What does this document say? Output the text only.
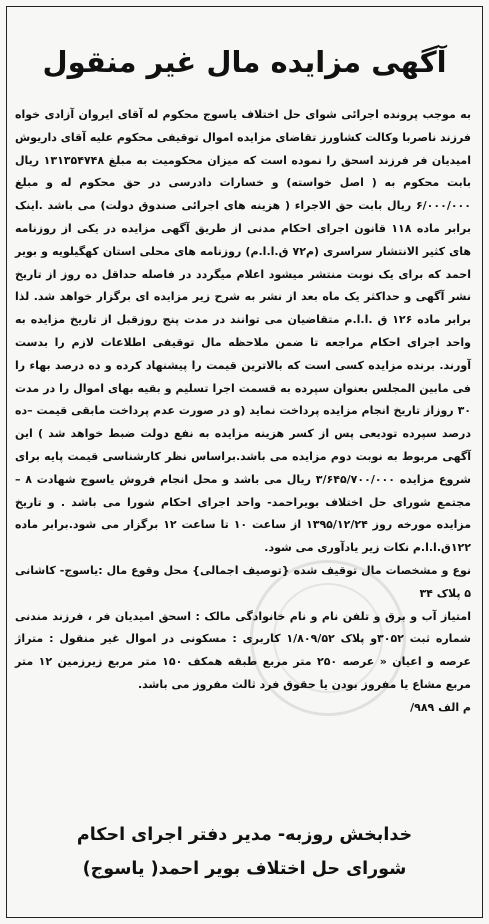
آگهی مزایده مال غیر منقول

به موجب پرونده اجرائی شوای حل اختلاف یاسوج محکوم له آقای ایروان آزادی خواه فرزند ناصربا وکالت کشاورز تقاضای مزایده اموال توقیفی محکوم علیه آقای داریوش امیدیان فر فرزند اسحق را نموده است که میزان محکومیت به مبلغ ۱۳۱۳۵۴۷۴۸ ریال بابت محکوم به ( اصل خواسته) و خسارات دادرسی در حق محکوم له و مبلغ ۶/۰۰۰/۰۰۰ ریال بابت حق الاجراء ( هزینه های اجرائی صندوق دولت) می باشد .اینک برابر ماده ۱۱۸ قانون اجرای احکام مدنی از طریق آگهی مزایده در یکی از روزنامه های کثیر الانتشار سراسری (م۷۲ ق.ا.ا.م) روزنامه های محلی استان کهگیلویه و بویر احمد که برای یک نوبت منتشر میشود اعلام میگردد در فاصله حداقل ده روز از تاریخ نشر آگهی و حداکثر یک ماه بعد از نشر به شرح زیر مزایده ای برگزار خواهد شد. لذا برابر ماده ۱۲۶ ق .ا.ا.م متقاضیان می توانند در مدت پنج روزقبل از تاریخ مزایده به واحد اجرای احکام مراجعه تا ضمن ملاحظه مال توقیفی اطلاعات لازم را بدست آورند. برنده مزایده کسی است که بالاترین قیمت را پیشنهاد کرده و ده درصد بهاء را فی مابین المجلس بعنوان سپرده به قسمت اجرا تسلیم و بقیه بهای اموال را در مدت ۳۰ روزاز تاریخ انجام مزایده پرداخت نماید (و در صورت عدم پرداخت مابقی قیمت –ده درصد سپرده تودیعی پس از کسر هزینه مزایده به نفع دولت ضبط خواهد شد ) این آگهی مربوط به نوبت دوم مزایده می باشد.براساس نظر کارشناسی قیمت پایه برای شروع مزایده ۳/۶۴۵/۷۰۰/۰۰۰ ریال می باشد و محل انجام فروش یاسوج شهادت ۸ – مجتمع شورای حل اختلاف بویراحمد- واحد اجرای احکام شورا می باشد . و تاریخ مزایده مورخه روز ۱۳۹۵/۱۲/۲۴ از ساعت ۱۰ تا ساعت ۱۲ برگزار می شود.برابر ماده ۱۲۲ق.ا.ا.م نکات زیر یادآوری می شود.

نوع و مشخصات مال توقیف شده {توصیف اجمالی} محل وقوع مال :یاسوج- کاشانی ۵ پلاک ۳۴

امتیاز آب و برق و تلفن نام و نام خانوادگی مالک : اسحق امیدیان فر ، فرزند مندنی شماره ثبت ۳۰۵۲و پلاک ۱/۸۰۹/۵۲ کاربری : مسکونی در اموال غیر منقول : متراژ عرصه و اعیان « عرصه ۲۵۰ متر مربع طبقه همکف ۱۵۰ متر مربع زیرزمین ۱۲ متر مربع مشاع یا مفروز بودن یا حقوق فرد ثالث مفروز می باشد.

م الف ۹۸۹/

خدابخش روزبه- مدیر دفتر اجرای احکام
شورای حل اختلاف بویر احمد( یاسوج)
